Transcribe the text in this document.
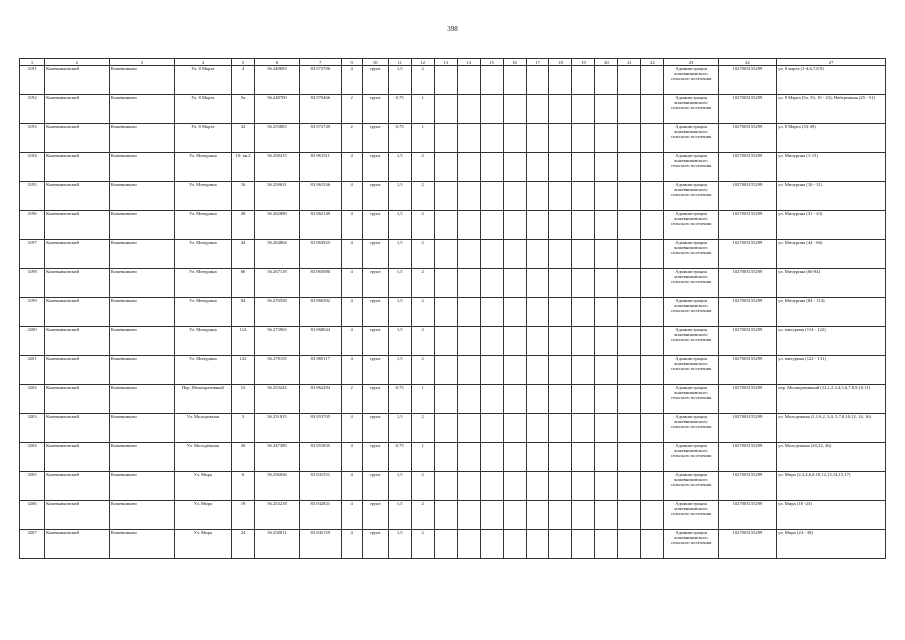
398
1	2	3	4	5	6	7	9	10	11	12	13	14	15	16	17	18	19	20	21	22	23	24	27
3191	Кожевниковский	Кожевниково	Ул. 8 Марта	4	56.249693	83.972706	4	грунт	1,5	2											Администрация кожевниковского сельского поселения	1027003155299	ул. 8 марта (1-4,6,7,8,9)
3192	Кожевниковский	Кожевниково	Ул. 8 Марта	5а	56.248700	83.970466	2	грунт	0,75	1											Администрация кожевниковского сельского поселения	1027003155299	ул. 8 Марта (5а, 5б, 10 - 23); Набережная (25 - 51)
3193	Кожевниковский	Кожевниково	Ул. 8 Марта	32	56.253883	83.972749	2	грунт	0,75	1											Администрация кожевниковского сельского поселения	1027003155299	ул. 8 Марта (33-49)
3194	Кожевниковский	Кожевниково	Ул. Мичурина	10- кв.2	56.258415	83.961511	4	грунт	1,5	2											Администрация кожевниковского сельского поселения	1027003155299	ул. Мичурина (1-15)
3195	Кожевниковский	Кожевниково	Ул. Мичурина	16	56.259631	83.961536	4	грунт	1,5	2											Администрация кожевниковского сельского поселения	1027003155299	ул. Мичурина (16 - 31)
3196	Кожевниковский	Кожевниково	Ул. Мичурина	28	56.262890	83.962149	4	грунт	1,5	2											Администрация кожевниковского сельского поселения	1027003155299	ул. Мичурина (31 - 43)
3197	Кожевниковский	Кожевниково	Ул. Мичурина	44	56.264804	83.963925	4	грунт	1,5	2											Администрация кожевниковского сельского поселения	1027003155299	ул. Мичурина (44 - 66)
3198	Кожевниковский	Кожевниково	Ул. Мичурина	66	56.267118	83.965080	4	грунт	1,5	2											Администрация кожевниковского сельского поселения	1027003155299	ул. Мичурина (66-84)
3199	Кожевниковский	Кожевниково	Ул. Мичурина	84	56.270558	83.966392	4	грунт	1,5	2											Администрация кожевниковского сельского поселения	1027003155299	ул. Мичурина (84 - 114)
3200	Кожевниковский	Кожевниково	Ул. Мичурина	114	56.273963	83.968044	4	грунт	1,5	2											Администрация кожевниковского сельского поселения	1027003155299	ул. мичурина (114 - 122)
3201	Кожевниковский	Кожевниково	Ул. Мичурина	122	56.278155	83.969117	4	грунт	1,5	2											Администрация кожевниковского сельского поселения	1027003155299	ул. мичурина (122 - 131)
3202	Кожевниковский	Кожевниково	Пер. Мелиоративный	12	56.253242	83.962294	2	грунт	0,75	1											Администрация кожевниковского сельского поселения	1027003155299	пер. Мелиоративный (12,1,2,3,4,5,6,7,8,9,10,11)
3203	Кожевниковский	Кожевниково	Ул. Молодёжная	3	56.251815	83.953705	4	грунт	1,5	2											Администрация кожевниковского сельского поселения	1027003155299	ул. Молодежная (1,1А,2, 3,4, 5,7,8,10,12, 14, 16)
3204	Кожевниковский	Кожевниково	Ул. Молодёжная	20	56.247389	83.951835	4	грунт	0,75	1											Администрация кожевниковского сельского поселения	1027003155299	ул. Молодежная (20,22, 26)
3205	Кожевниковский	Кожевниково	Ул. Мира	6	56.256636	83.941551	4	грунт	1,5	2											Администрация кожевниковского сельского поселения	1027003155299	ул. Мира (2,3,4,6,8,10,12,13,14,15,17)
3206	Кожевниковский	Кожевниково	Ул. Мира	19	56.254218	83.942821	4	грунт	1,5	2											Администрация кожевниковского сельского поселения	1027003155299	ул. Мира (18 -23)
3207	Кожевниковский	Кожевниково	Ул. Мира	24	56.250811	83.945159	4	грунт	1,5	2											Администрация кожевниковского сельского поселения	1027003155299	ул. Мира (24 - 38)
